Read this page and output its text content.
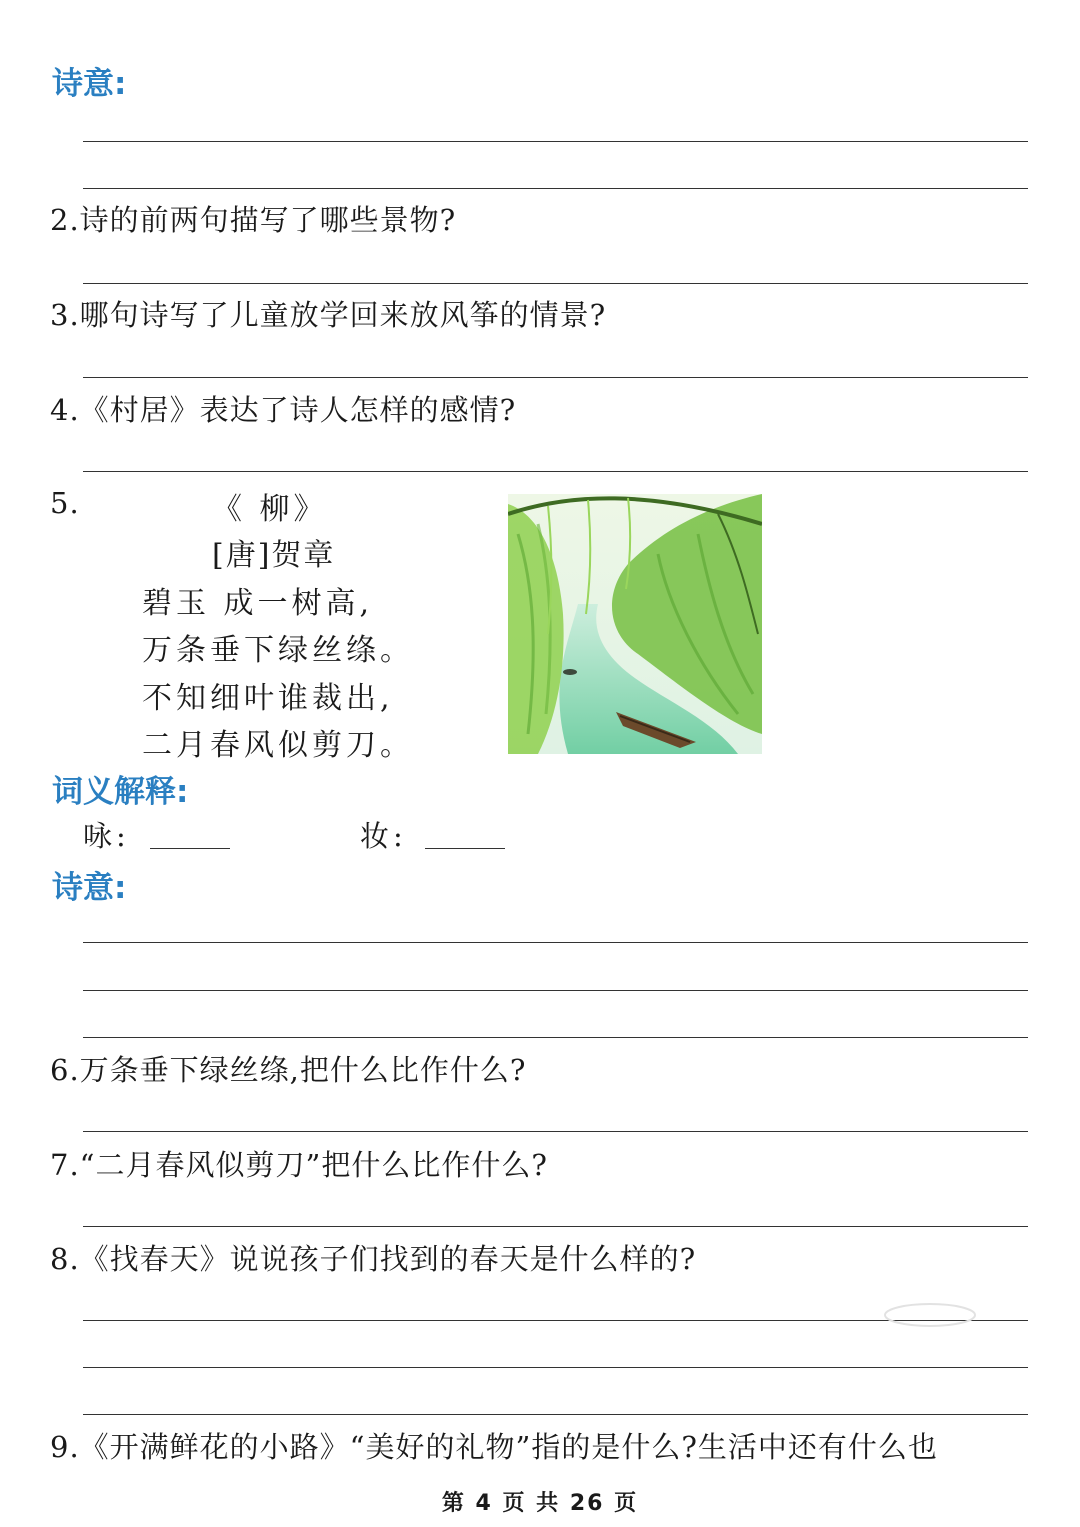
诗意:
2.诗的前两句描写了哪些景物?
3.哪句诗写了儿童放学回来放风筝的情景?
4.《村居》表达了诗人怎样的感情?
5.	《 柳》
[唐]贺章
碧玉 成一树高,
万条垂下绿丝绦。
不知细叶谁裁出,
二月春风似剪刀。
词义解释:
咏:	妆:
诗意:
6.万条垂下绿丝绦,把什么比作什么?
7.“二月春风似剪刀”把什么比作什么?
8.《找春天》说说孩子们找到的春天是什么样的?
9.《开满鲜花的小路》“美好的礼物”指的是什么?生活中还有什么也
第 4 页 共 26 页
